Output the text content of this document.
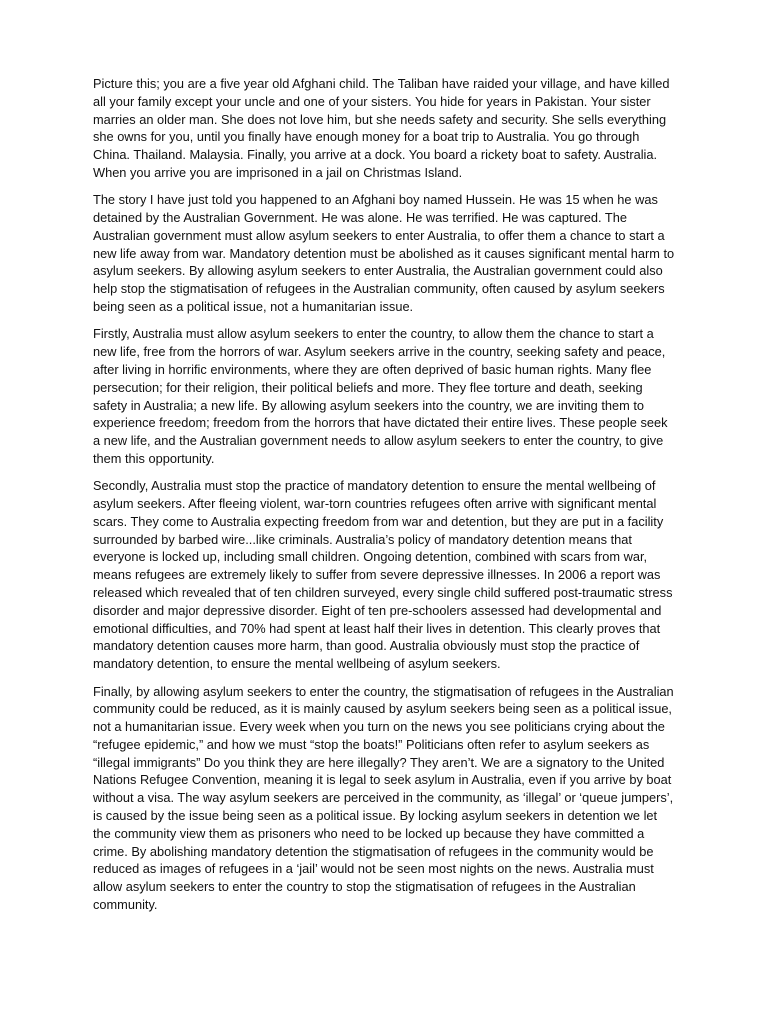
Picture this; you are a five year old Afghani child. The Taliban have raided your village, and have killed all your family except your uncle and one of your sisters. You hide for years in Pakistan. Your sister marries an older man. She does not love him, but she needs safety and security. She sells everything she owns for you, until you finally have enough money for a boat trip to Australia. You go through China. Thailand. Malaysia. Finally, you arrive at a dock. You board a rickety boat to safety. Australia. When you arrive you are imprisoned in a jail on Christmas Island.

The story I have just told you happened to an Afghani boy named Hussein. He was 15 when he was detained by the Australian Government. He was alone. He was terrified. He was captured. The Australian government must allow asylum seekers to enter Australia, to offer them a chance to start a new life away from war. Mandatory detention must be abolished as it causes significant mental harm to asylum seekers. By allowing asylum seekers to enter Australia, the Australian government could also help stop the stigmatisation of refugees in the Australian community, often caused by asylum seekers being seen as a political issue, not a humanitarian issue.

Firstly, Australia must allow asylum seekers to enter the country, to allow them the chance to start a new life, free from the horrors of war. Asylum seekers arrive in the country, seeking safety and peace, after living in horrific environments, where they are often deprived of basic human rights. Many flee persecution; for their religion, their political beliefs and more. They flee torture and death, seeking safety in Australia; a new life. By allowing asylum seekers into the country, we are inviting them to experience freedom; freedom from the horrors that have dictated their entire lives. These people seek a new life, and the Australian government needs to allow asylum seekers to enter the country, to give them this opportunity.

Secondly, Australia must stop the practice of mandatory detention to ensure the mental wellbeing of asylum seekers. After fleeing violent, war-torn countries refugees often arrive with significant mental scars. They come to Australia expecting freedom from war and detention, but they are put in a facility surrounded by barbed wire...like criminals. Australia’s policy of mandatory detention means that everyone is locked up, including small children. Ongoing detention, combined with scars from war, means refugees are extremely likely to suffer from severe depressive illnesses. In 2006 a report was released which revealed that of ten children surveyed, every single child suffered post-traumatic stress disorder and major depressive disorder. Eight of ten pre-schoolers assessed had developmental and emotional difficulties, and 70% had spent at least half their lives in detention. This clearly proves that mandatory detention causes more harm, than good. Australia obviously must stop the practice of mandatory detention, to ensure the mental wellbeing of asylum seekers.

Finally, by allowing asylum seekers to enter the country, the stigmatisation of refugees in the Australian community could be reduced, as it is mainly caused by asylum seekers being seen as a political issue, not a humanitarian issue. Every week when you turn on the news you see politicians crying about the “refugee epidemic,” and how we must “stop the boats!” Politicians often refer to asylum seekers as “illegal immigrants” Do you think they are here illegally? They aren’t. We are a signatory to the United Nations Refugee Convention, meaning it is legal to seek asylum in Australia, even if you arrive by boat without a visa. The way asylum seekers are perceived in the community, as ‘illegal’ or ‘queue jumpers’, is caused by the issue being seen as a political issue. By locking asylum seekers in detention we let the community view them as prisoners who need to be locked up because they have committed a crime. By abolishing mandatory detention the stigmatisation of refugees in the community would be reduced as images of refugees in a ‘jail’ would not be seen most nights on the news. Australia must allow asylum seekers to enter the country to stop the stigmatisation of refugees in the Australian community.
